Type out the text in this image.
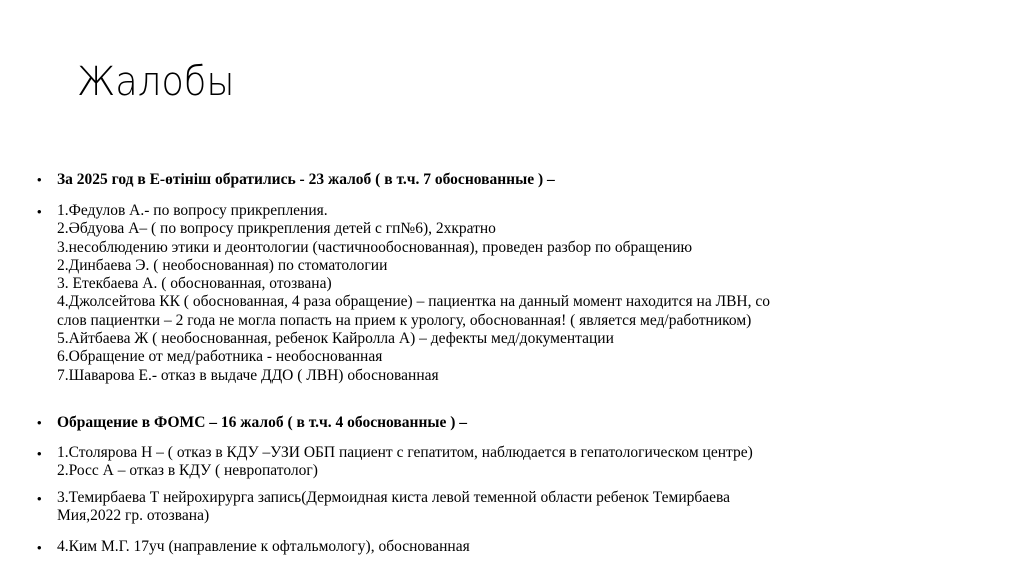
Жалобы
• За 2025 год в Е-өтініш обратились - 23 жалоб ( в т.ч. 7 обоснованные ) –
• 1.Федулов А.- по вопросу прикрепления.
2.Әбдуова А– ( по вопросу прикрепления детей с гп№6), 2хкратно
3.несоблюдению этики и деонтологии (частичнообоснованная), проведен разбор по обращению
2.Динбаева Э. ( необоснованная) по стоматологии
3. Етекбаева А. ( обоснованная, отозвана)
4.Джолсейтова КК ( обоснованная, 4 раза обращение) – пациентка на данный момент находится на ЛВН, со
слов пациентки – 2 года не могла попасть на прием к урологу, обоснованная! ( является мед/работником)
5.Айтбаева Ж ( необоснованная, ребенок Кайролла А) – дефекты мед/документации
6.Обращение от мед/работника - необоснованная
7.Шаварова Е.- отказ в выдаче ДДО ( ЛВН) обоснованная
• Обращение в ФОМС – 16 жалоб ( в т.ч. 4 обоснованные ) –
• 1.Столярова Н – ( отказ в КДУ –УЗИ ОБП пациент с гепатитом, наблюдается в гепатологическом центре)
2.Росс А – отказ в КДУ ( невропатолог)
• 3.Темирбаева Т нейрохирурга запись(Дермоидная киста левой теменной области ребенок Темирбаева
Мия,2022 гр. отозвана)
• 4.Ким М.Г. 17уч (направление к офтальмологу), обоснованная
